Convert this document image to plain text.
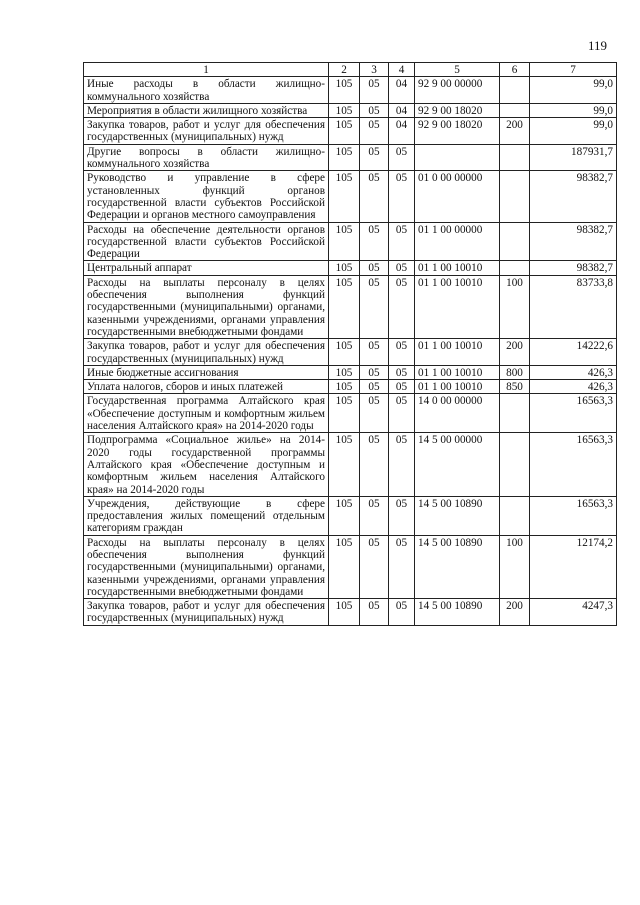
119
1	2	3	4	5	6	7
Иные расходы в области жилищно-коммунального хозяйства	105	05	04	92 9 00 00000		99,0
Мероприятия в области жилищного хозяйства	105	05	04	92 9 00 18020		99,0
Закупка товаров, работ и услуг для обеспечения государственных (муниципальных) нужд	105	05	04	92 9 00 18020	200	99,0
Другие вопросы в области жилищно-коммунального хозяйства	105	05	05			187931,7
Руководство и управление в сфере установленных функций органов государственной власти субъектов Российской Федерации и органов местного самоуправления	105	05	05	01 0 00 00000		98382,7
Расходы на обеспечение деятельности органов государственной власти субъектов Российской Федерации	105	05	05	01 1 00 00000		98382,7
Центральный аппарат	105	05	05	01 1 00 10010		98382,7
Расходы на выплаты персоналу в целях обеспечения выполнения функций государственными (муниципальными) органами, казенными учреждениями, органами управления государственными внебюджетными фондами	105	05	05	01 1 00 10010	100	83733,8
Закупка товаров, работ и услуг для обеспечения государственных (муниципальных) нужд	105	05	05	01 1 00 10010	200	14222,6
Иные бюджетные ассигнования	105	05	05	01 1 00 10010	800	426,3
Уплата налогов, сборов и иных платежей	105	05	05	01 1 00 10010	850	426,3
Государственная программа Алтайского края «Обеспечение доступным и комфортным жильем населения Алтайского края» на 2014-2020 годы	105	05	05	14 0 00 00000		16563,3
Подпрограмма «Социальное жилье» на 2014-2020 годы государственной программы Алтайского края «Обеспечение доступным и комфортным жильем населения Алтайского края» на 2014-2020 годы	105	05	05	14 5 00 00000		16563,3
Учреждения, действующие в сфере предоставления жилых помещений отдельным категориям граждан	105	05	05	14 5 00 10890		16563,3
Расходы на выплаты персоналу в целях обеспечения выполнения функций государственными (муниципальными) органами, казенными учреждениями, органами управления государственными внебюджетными фондами	105	05	05	14 5 00 10890	100	12174,2
Закупка товаров, работ и услуг для обеспечения государственных (муниципальных) нужд	105	05	05	14 5 00 10890	200	4247,3
